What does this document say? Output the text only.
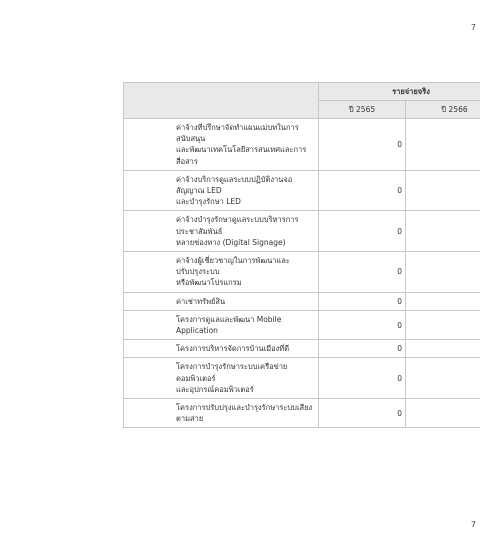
7
	รายจ่ายจริง	
	ปี 2565	ปี 2566

ค่าจ้างที่ปรึกษาจัดทำแผนแม่บทในการ
สนับสนุน
และพัฒนาเทคโนโลยีสารสนเทศและการ
สื่อสาร	0	

ค่าจ้างบริการดูแลระบบปฏิบัติงานจอ
สัญญาณ LED
และบำรุงรักษา LED	0	

ค่าจ้างบำรุงรักษาดูแลระบบบริหารการ
ประชาสัมพันธ์
หลายช่องทาง (Digital Signage)	0	

ค่าจ้างผู้เชี่ยวชาญในการพัฒนาและ
ปรับปรุงระบบ
หรือพัฒนาโปรแกรม	0	

ค่าเช่าทรัพย์สิน	0	

โครงการดูแลและพัฒนา Mobile
Application	0	

โครงการบริหารจัดการบ้านเมืองที่ดี	0	

โครงการบำรุงรักษาระบบเครือข่าย
คอมพิวเตอร์
และอุปกรณ์คอมพิวเตอร์	0	

โครงการปรับปรุงและบำรุงรักษาระบบเสียง
ตามสาย	0	
7
